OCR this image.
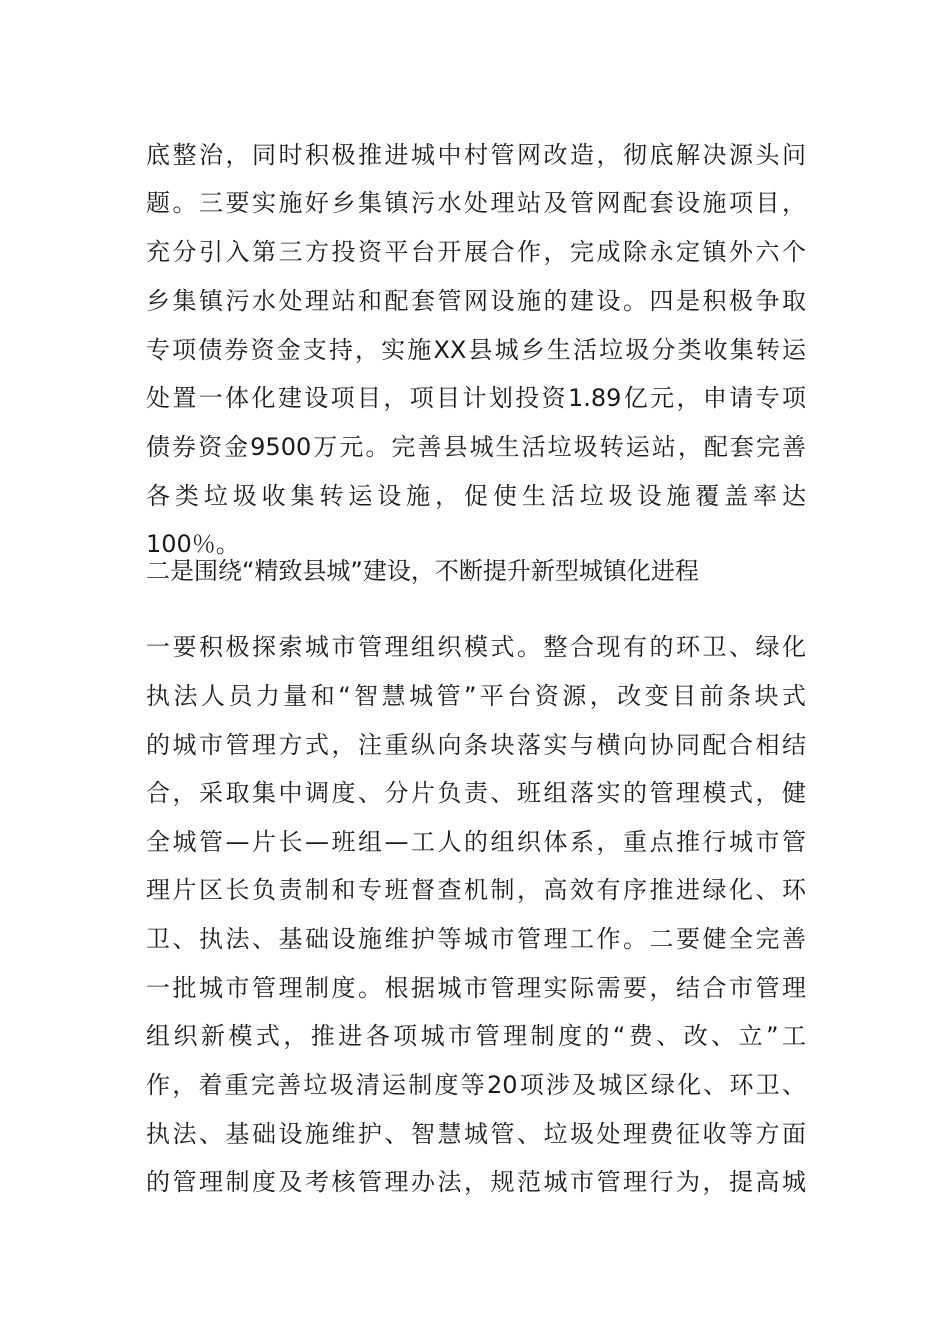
底整治，同时积极推进城中村管网改造，彻底解决源头问

题。三要实施好乡集镇污水处理站及管网配套设施项目，

充分引入第三方投资平台开展合作，完成除永定镇外六个

乡集镇污水处理站和配套管网设施的建设。四是积极争取

专项债券资金支持，实施XX县城乡生活垃圾分类收集转运

处置一体化建设项目，项目计划投资1.89亿元，申请专项

债券资金9500万元。完善县城生活垃圾转运站，配套完善

各类垃圾收集转运设施，促使生活垃圾设施覆盖率达

100％。

二是围绕“精致县城”建设，不断提升新型城镇化进程

一要积极探索城市管理组织模式。整合现有的环卫、绿化

执法人员力量和“智慧城管”平台资源，改变目前条块式

的城市管理方式，注重纵向条块落实与横向协同配合相结

合，采取集中调度、分片负责、班组落实的管理模式，健

全城管—片长—班组—工人的组织体系，重点推行城市管

理片区长负责制和专班督查机制，高效有序推进绿化、环

卫、执法、基础设施维护等城市管理工作。二要健全完善

一批城市管理制度。根据城市管理实际需要，结合市管理

组织新模式，推进各项城市管理制度的“费、改、立”工

作，着重完善垃圾清运制度等20项涉及城区绿化、环卫、

执法、基础设施维护、智慧城管、垃圾处理费征收等方面

的管理制度及考核管理办法，规范城市管理行为，提高城
